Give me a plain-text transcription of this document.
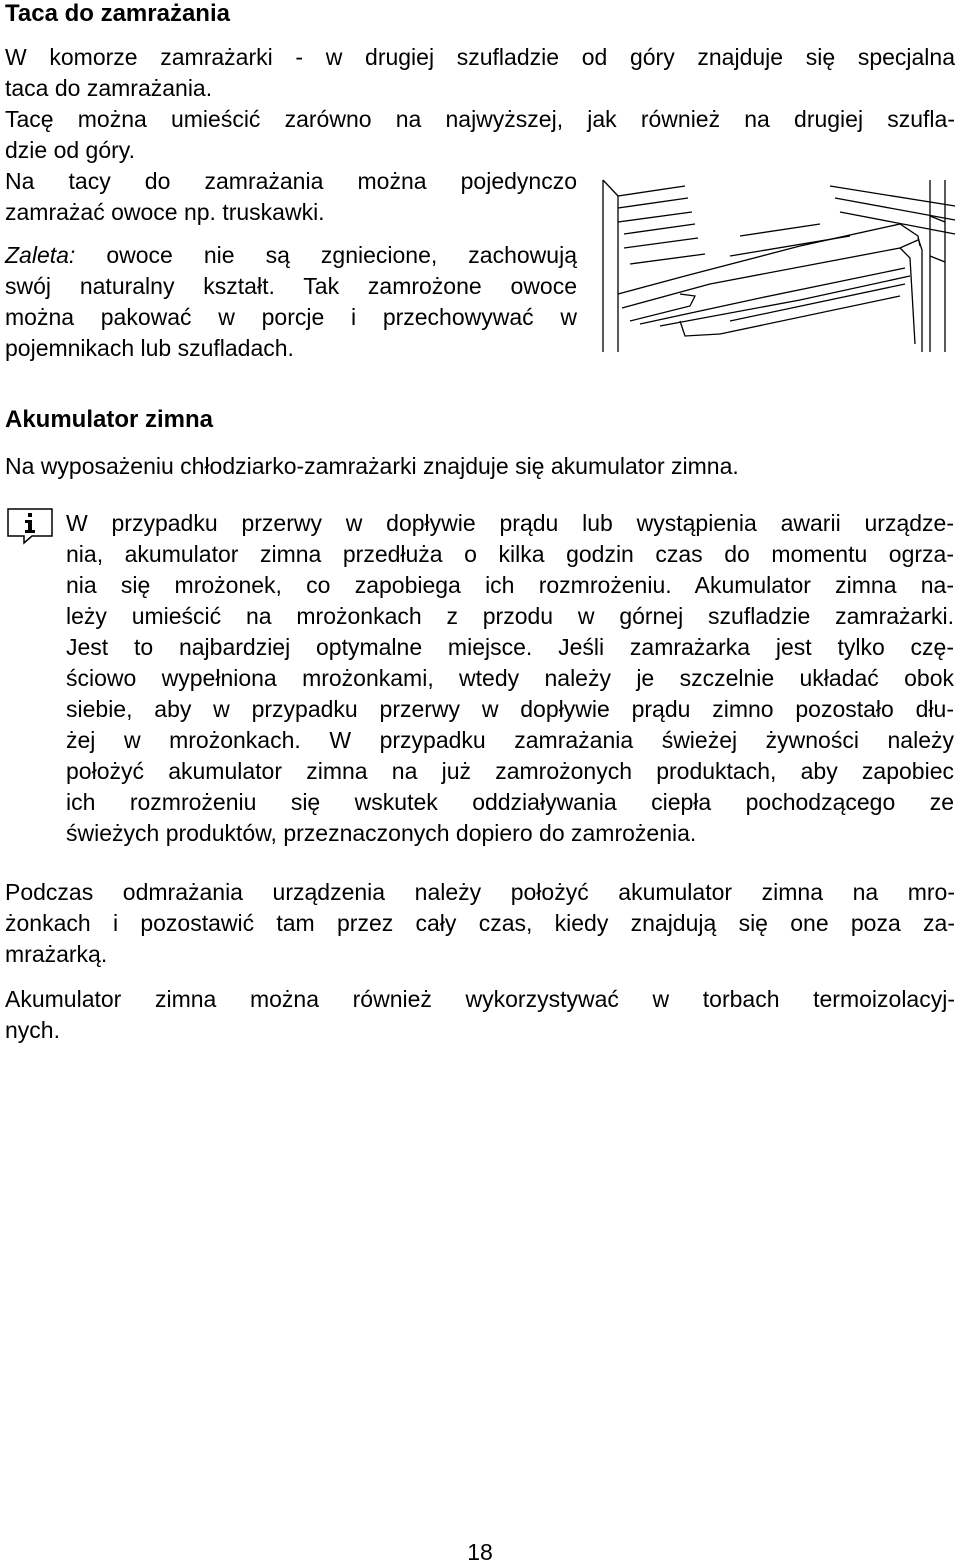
Taca do zamrażania
W komorze zamrażarki - w drugiej szufladzie od góry znajduje się specjalna
taca do zamrażania.
Tacę można umieścić zarówno na najwyższej, jak również na drugiej szufla-
dzie od góry.
Na tacy do zamrażania można pojedynczo
zamrażać owoce np. truskawki.
Zaleta: owoce nie są zgniecione, zachowują
swój naturalny kształt. Tak zamrożone owoce
można pakować w porcje i przechowywać w
pojemnikach lub szufladach.
Akumulator zimna
Na wyposażeniu chłodziarko-zamrażarki znajduje się akumulator zimna.
W przypadku przerwy w dopływie prądu lub wystąpienia awarii urządze-
nia, akumulator zimna przedłuża o kilka godzin czas do momentu ogrza-
nia się mrożonek, co zapobiega ich rozmrożeniu. Akumulator zimna na-
leży umieścić na mrożonkach z przodu w górnej szufladzie zamrażarki.
Jest to najbardziej optymalne miejsce. Jeśli zamrażarka jest tylko czę-
ściowo wypełniona mrożonkami, wtedy należy je szczelnie układać obok
siebie, aby w przypadku przerwy w dopływie prądu zimno pozostało dłu-
żej w mrożonkach. W przypadku zamrażania świeżej żywności należy
położyć akumulator zimna na już zamrożonych produktach, aby zapobiec
ich rozmrożeniu się wskutek oddziaływania ciepła pochodzącego ze
świeżych produktów, przeznaczonych dopiero do zamrożenia.
Podczas odmrażania urządzenia należy położyć akumulator zimna na mro-
żonkach i pozostawić tam przez cały czas, kiedy znajdują się one poza za-
mrażarką.
Akumulator zimna można również wykorzystywać w torbach termoizolacyj-
nych.
18
